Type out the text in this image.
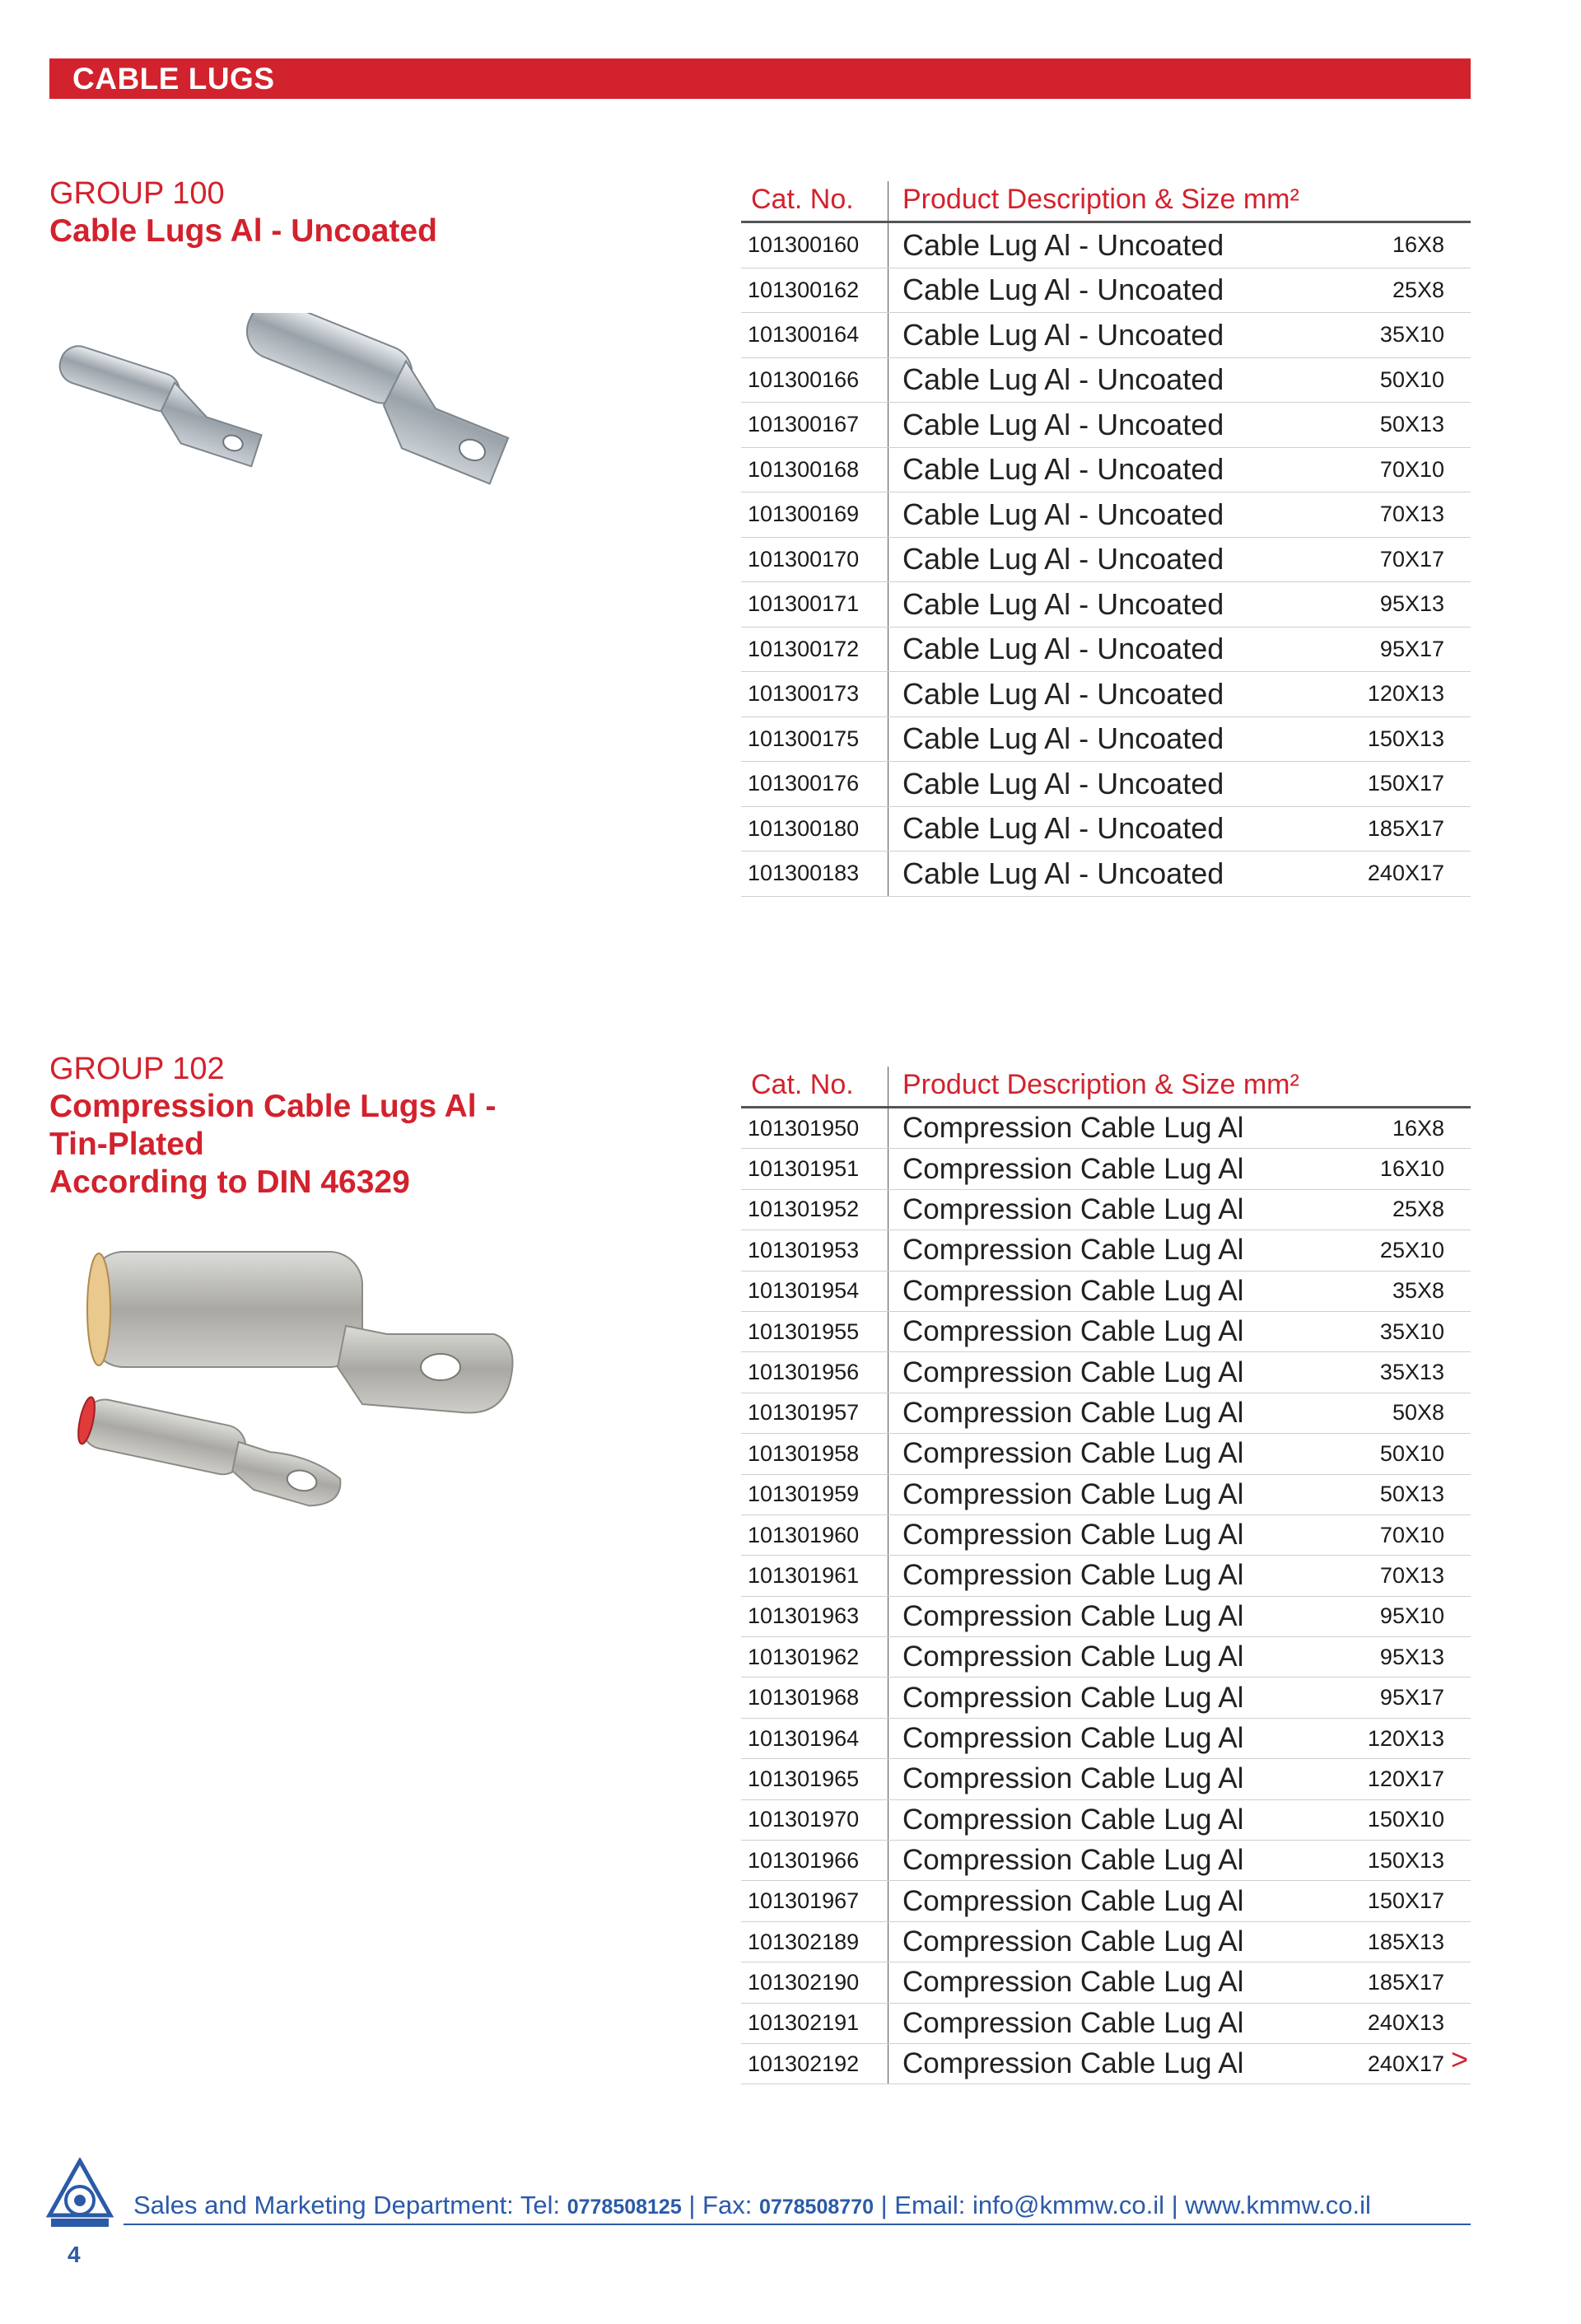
CABLE LUGS
GROUP 100
Cable Lugs Al - Uncoated
Cat. No. Product Description & Size mm²
101300160 Cable Lug Al - Uncoated	16X8
101300162 Cable Lug Al - Uncoated	25X8
101300164 Cable Lug Al - Uncoated	35X10
101300166 Cable Lug Al - Uncoated	50X10
101300167 Cable Lug Al - Uncoated	50X13
101300168 Cable Lug Al - Uncoated	70X10
101300169 Cable Lug Al - Uncoated	70X13
101300170 Cable Lug Al - Uncoated	70X17
101300171 Cable Lug Al - Uncoated	95X13
101300172 Cable Lug Al - Uncoated	95X17
101300173 Cable Lug Al - Uncoated	120X13
101300175 Cable Lug Al - Uncoated	150X13
101300176 Cable Lug Al - Uncoated	150X17
101300180 Cable Lug Al - Uncoated	185X17
101300183 Cable Lug Al - Uncoated	240X17
GROUP 102
Compression Cable Lugs Al -
Tin-Plated
According to DIN 46329
Cat. No. Product Description & Size mm²
101301950 Compression Cable Lug Al	16X8
101301951 Compression Cable Lug Al	16X10
101301952 Compression Cable Lug Al	25X8
101301953 Compression Cable Lug Al	25X10
101301954 Compression Cable Lug Al	35X8
101301955 Compression Cable Lug Al	35X10
101301956 Compression Cable Lug Al	35X13
101301957 Compression Cable Lug Al	50X8
101301958 Compression Cable Lug Al	50X10
101301959 Compression Cable Lug Al	50X13
101301960 Compression Cable Lug Al	70X10
101301961 Compression Cable Lug Al	70X13
101301963 Compression Cable Lug Al	95X10
101301962 Compression Cable Lug Al	95X13
101301968 Compression Cable Lug Al	95X17
101301964 Compression Cable Lug Al	120X13
101301965 Compression Cable Lug Al	120X17
101301970 Compression Cable Lug Al	150X10
101301966 Compression Cable Lug Al	150X13
101301967 Compression Cable Lug Al	150X17
101302189 Compression Cable Lug Al	185X13
101302190 Compression Cable Lug Al	185X17
101302191 Compression Cable Lug Al	240X13
101302192 Compression Cable Lug Al	240X17 >
Sales and Marketing Department: Tel: 0778508125 | Fax: 0778508770 | Email: info@kmmw.co.il | www.kmmw.co.il
4
